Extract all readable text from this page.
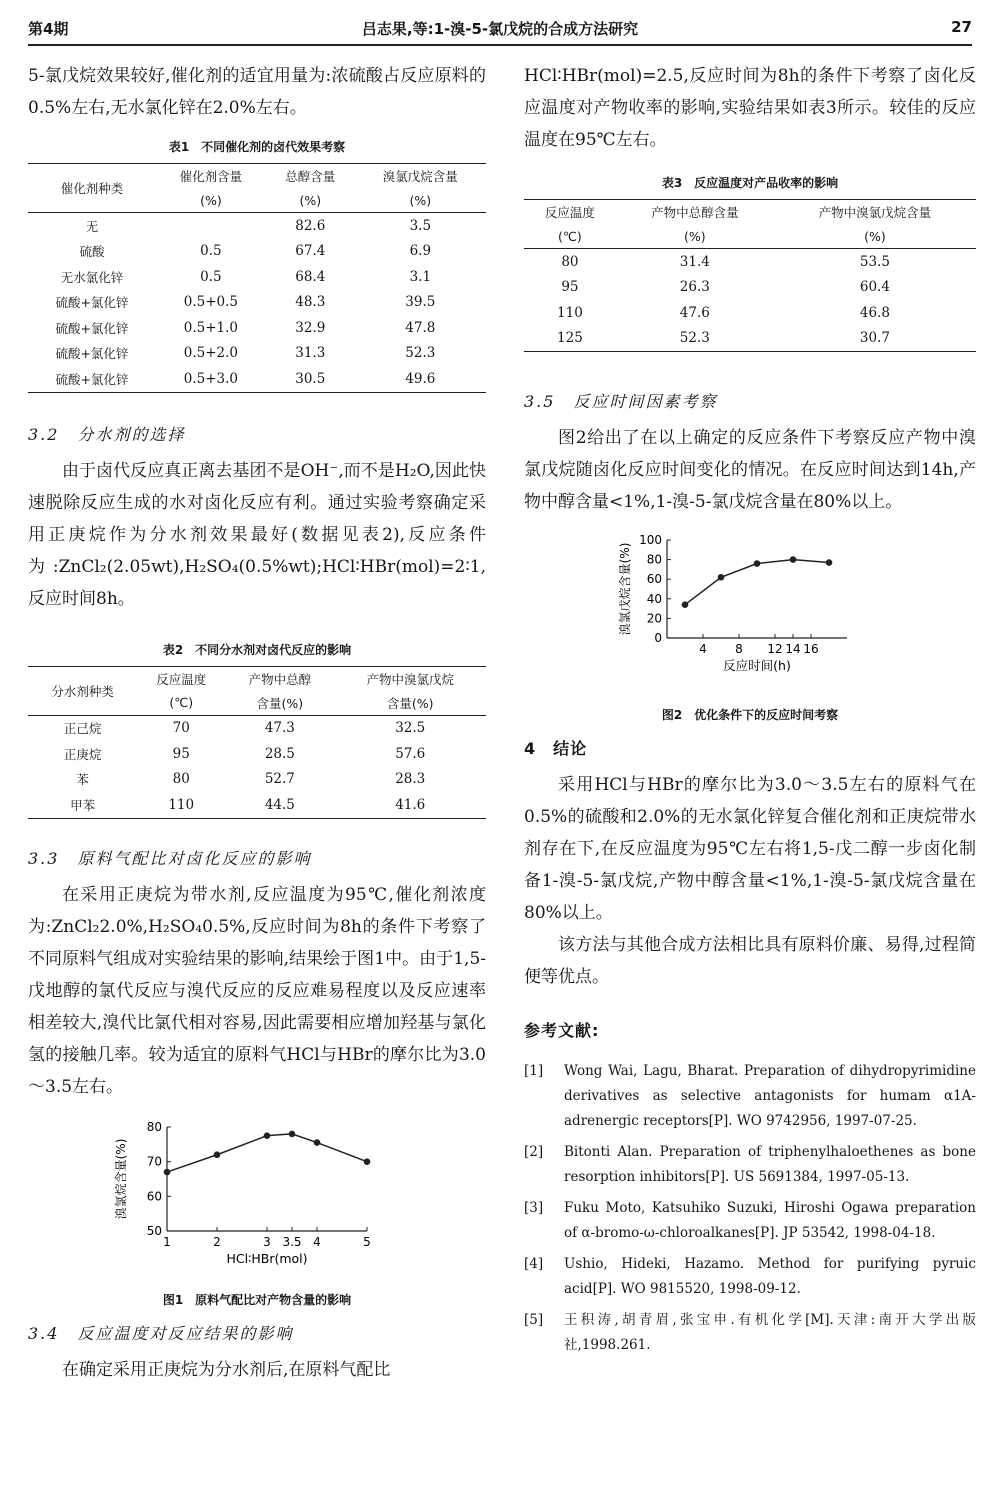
第4期	吕志果,等:1-溴-5-氯戊烷的合成方法研究	27

5-氯戊烷效果较好,催化剂的适宜用量为:浓硫酸占反应原料的0.5%左右,无水氯化锌在2.0%左右。

表1　不同催化剂的卤代效果考察
催化剂种类	催化剂含量	总醇含量	溴氯戊烷含量
	(%)	(%)	(%)
无		82.6	3.5
硫酸	0.5	67.4	6.9
无水氯化锌	0.5	68.4	3.1
硫酸+氯化锌	0.5+0.5	48.3	39.5
硫酸+氯化锌	0.5+1.0	32.9	47.8
硫酸+氯化锌	0.5+2.0	31.3	52.3
硫酸+氯化锌	0.5+3.0	30.5	49.6
3.2　分水剂的选择

由于卤代反应真正离去基团不是OH⁻,而不是H₂O,因此快速脱除反应生成的水对卤化反应有利。通过实验考察确定采用正庚烷作为分水剂效果最好(数据见表2),反应条件为:ZnCl₂(2.05wt),H₂SO₄(0.5%wt);HCl∶HBr(mol)=2∶1,反应时间8h。

表2　不同分水剂对卤代反应的影响
分水剂种类	反应温度	产物中总醇	产物中溴氯戊烷
	(℃)	含量(%)	含量(%)
正己烷	70	47.3	32.5
正庚烷	95	28.5	57.6
苯	80	52.7	28.3
甲苯	110	44.5	41.6
3.3　原料气配比对卤化反应的影响

在采用正庚烷为带水剂,反应温度为95℃,催化剂浓度为:ZnCl₂2.0%,H₂SO₄0.5%,反应时间为8h的条件下考察了不同原料气组成对实验结果的影响,结果绘于图1中。由于1,5-戊地醇的氯代反应与溴代反应的反应难易程度以及反应速率相差较大,溴代比氯代相对容易,因此需要相应增加羟基与氯化氢的接触几率。较为适宜的原料气HCl与HBr的摩尔比为3.0～3.5左右。

50
60
70
80
1	2	3 3.5 4	5
HCl∶HBr(mol)
溴氯烷含量(%)
图1　原料气配比对产物含量的影响
3.4　反应温度对反应结果的影响

在确定采用正庚烷为分水剂后,在原料气配比

HCl∶HBr(mol)=2.5,反应时间为8h的条件下考察了卤化反应温度对产物收率的影响,实验结果如表3所示。较佳的反应温度在95℃左右。

表3　反应温度对产品收率的影响
反应温度	产物中总醇含量	产物中溴氯戊烷含量
(℃)	(%)	(%)
80	31.4	53.5
95	26.3	60.4
110	47.6	46.8
125	52.3	30.7
3.5　反应时间因素考察

图2给出了在以上确定的反应条件下考察反应产物中溴氯戊烷随卤化反应时间变化的情况。在反应时间达到14h,产物中醇含量<1%,1-溴-5-氯戊烷含量在80%以上。

0
20
40
60
80
100
4 8 12 14 16
反应时间(h)
溴氯戊烷含量(%)
图2　优化条件下的反应时间考察
4　结论

采用HCl与HBr的摩尔比为3.0～3.5左右的原料气在0.5%的硫酸和2.0%的无水氯化锌复合催化剂和正庚烷带水剂存在下,在反应温度为95℃左右将1,5-戊二醇一步卤化制备1-溴-5-氯戊烷,产物中醇含量<1%,1-溴-5-氯戊烷含量在80%以上。

该方法与其他合成方法相比具有原料价廉、易得,过程简便等优点。

参考文献:
[1] Wong Wai, Lagu, Bharat. Preparation of dihydropyrimidine derivatives as selective antagonists for humam α1A-adrenergic receptors[P]. WO 9742956, 1997-07-25.
[2] Bitonti Alan. Preparation of triphenylhaloethenes as bone resorption inhibitors[P]. US 5691384, 1997-05-13.
[3] Fuku Moto, Katsuhiko Suzuki, Hiroshi Ogawa preparation of α-bromo-ω-chloroalkanes[P]. JP 53542, 1998-04-18.
[4] Ushio, Hideki, Hazamo. Method for purifying pyruic acid[P]. WO 9815520, 1998-09-12.
[5] 王积涛,胡青眉,张宝申.有机化学[M].天津:南开大学出版社,1998.261.
